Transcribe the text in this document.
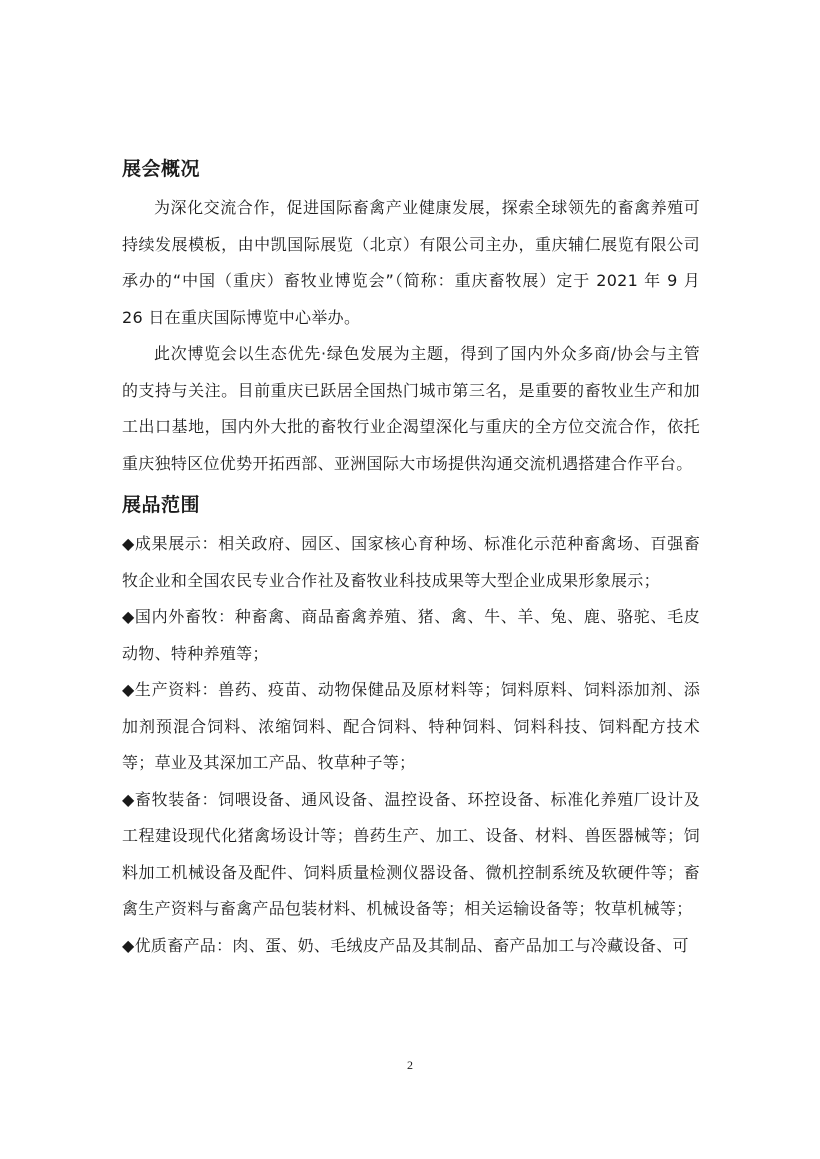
展会概况

为深化交流合作，促进国际畜禽产业健康发展，探索全球领先的畜禽养殖可持续发展模板，由中凯国际展览（北京）有限公司主办，重庆辅仁展览有限公司承办的“中国（重庆）畜牧业博览会”（简称：重庆畜牧展）定于 2021 年 9 月 26 日在重庆国际博览中心举办。

此次博览会以生态优先·绿色发展为主题，得到了国内外众多商/协会与主管的支持与关注。目前重庆已跃居全国热门城市第三名，是重要的畜牧业生产和加工出口基地，国内外大批的畜牧行业企渴望深化与重庆的全方位交流合作，依托重庆独特区位优势开拓西部、亚洲国际大市场提供沟通交流机遇搭建合作平台。

展品范围

◆成果展示：相关政府、园区、国家核心育种场、标准化示范种畜禽场、百强畜牧企业和全国农民专业合作社及畜牧业科技成果等大型企业成果形象展示；

◆国内外畜牧：种畜禽、商品畜禽养殖、猪、禽、牛、羊、兔、鹿、骆驼、毛皮动物、特种养殖等；

◆生产资料：兽药、疫苗、动物保健品及原材料等；饲料原料、饲料添加剂、添加剂预混合饲料、浓缩饲料、配合饲料、特种饲料、饲料科技、饲料配方技术等；草业及其深加工产品、牧草种子等；

◆畜牧装备：饲喂设备、通风设备、温控设备、环控设备、标准化养殖厂设计及工程建设现代化猪禽场设计等；兽药生产、加工、设备、材料、兽医器械等；饲料加工机械设备及配件、饲料质量检测仪器设备、微机控制系统及软硬件等；畜禽生产资料与畜禽产品包装材料、机械设备等；相关运输设备等；牧草机械等；

◆优质畜产品：肉、蛋、奶、毛绒皮产品及其制品、畜产品加工与冷藏设备、可

2
